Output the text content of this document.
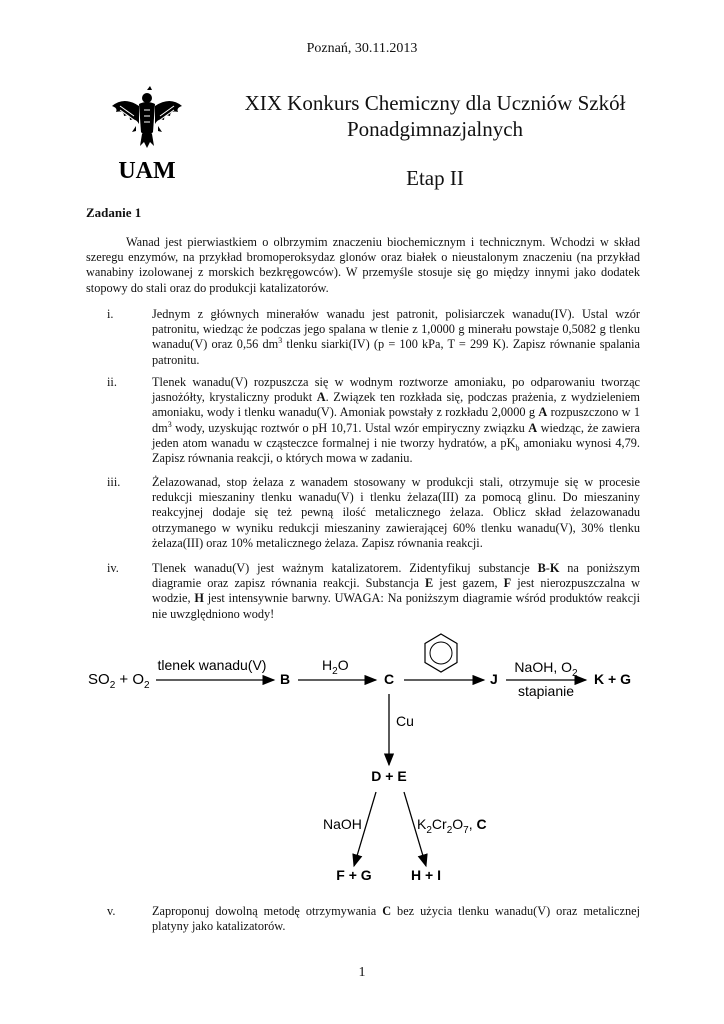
Poznań, 30.11.2013
UAM
XIX Konkurs Chemiczny dla Uczniów Szkół
Ponadgimnazjalnych
Etap II
Zadanie 1
Wanad jest pierwiastkiem o olbrzymim znaczeniu biochemicznym i technicznym. Wchodzi w skład szeregu enzymów, na przykład bromoperoksydaz glonów oraz białek o nieustalonym znaczeniu (na przykład wanabiny izolowanej z morskich bezkręgowców). W przemyśle stosuje się go między innymi jako dodatek stopowy do stali oraz do produkcji katalizatorów.
i.	Jednym z głównych minerałów wanadu jest patronit, polisiarczek wanadu(IV). Ustal wzór patronitu, wiedząc że podczas jego spalana w tlenie z 1,0000 g minerału powstaje 0,5082 g tlenku wanadu(V) oraz 0,56 $dm^3$ tlenku siarki(IV) (p = 100 kPa, T = 299 K). Zapisz równanie spalania patronitu.
ii.	Tlenek wanadu(V) rozpuszcza się w wodnym roztworze amoniaku, po odparowaniu tworząc jasnożółty, krystaliczny produkt A. Związek ten rozkłada się, podczas prażenia, z wydzieleniem amoniaku, wody i tlenku wanadu(V). Amoniak powstały z rozkładu 2,0000 g A rozpuszczono w 1 $dm^3$ wody, uzyskując roztwór o pH 10,71. Ustal wzór empiryczny związku A wiedząc, że zawiera jeden atom wanadu w cząsteczce formalnej i nie tworzy hydratów, a $pK_b$ amoniaku wynosi 4,79. Zapisz równania reakcji, o których mowa w zadaniu.
iii.	Żelazowanad, stop żelaza z wanadem stosowany w produkcji stali, otrzymuje się w procesie redukcji mieszaniny tlenku wanadu(V) i tlenku żelaza(III) za pomocą glinu. Do mieszaniny reakcyjnej dodaje się też pewną ilość metalicznego żelaza. Oblicz skład żelazowanadu otrzymanego w wyniku redukcji mieszaniny zawierającej 60% tlenku wanadu(V), 30% tlenku żelaza(III) oraz 10% metalicznego żelaza. Zapisz równania reakcji.
iv.	Tlenek wanadu(V) jest ważnym katalizatorem. Zidentyfikuj substancje B-K na poniższym diagramie oraz zapisz równania reakcji. Substancja E jest gazem, F jest nierozpuszczalna w wodzie, H jest intensywnie barwny. UWAGA: Na poniższym diagramie wśród produktów reakcji nie uwzględniono wody!
$SO_2 + O_2$
tlenek wanadu(V)
B
$H_2O$
C	J
NaOH, $O_2$
stapianie
K + G
Cu
D + E
NaOH	$K_2Cr_2O_7$, C
F + G	H + I
v.	Zaproponuj dowolną metodę otrzymywania C bez użycia tlenku wanadu(V) oraz metalicznej platyny jako katalizatorów.
1
